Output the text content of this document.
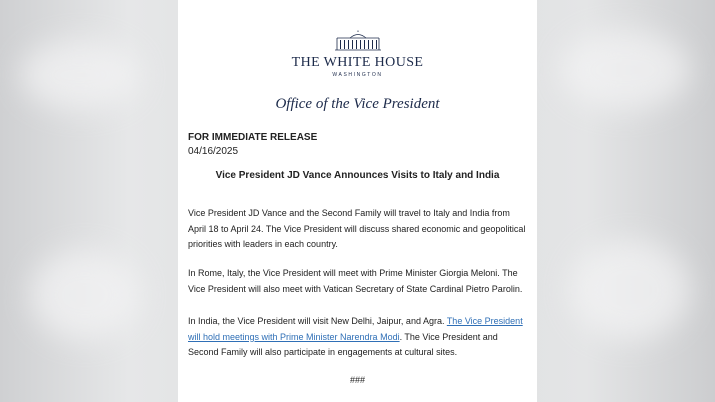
THE WHITE HOUSE
WASHINGTON
Office of the Vice President
FOR IMMEDIATE RELEASE
04/16/2025
Vice President JD Vance Announces Visits to Italy and India
Vice President JD Vance and the Second Family will travel to Italy and India from April 18 to April 24. The Vice President will discuss shared economic and geopolitical priorities with leaders in each country.
In Rome, Italy, the Vice President will meet with Prime Minister Giorgia Meloni. The Vice President will also meet with Vatican Secretary of State Cardinal Pietro Parolin.
In India, the Vice President will visit New Delhi, Jaipur, and Agra. The Vice President will hold meetings with Prime Minister Narendra Modi. The Vice President and Second Family will also participate in engagements at cultural sites.
###
